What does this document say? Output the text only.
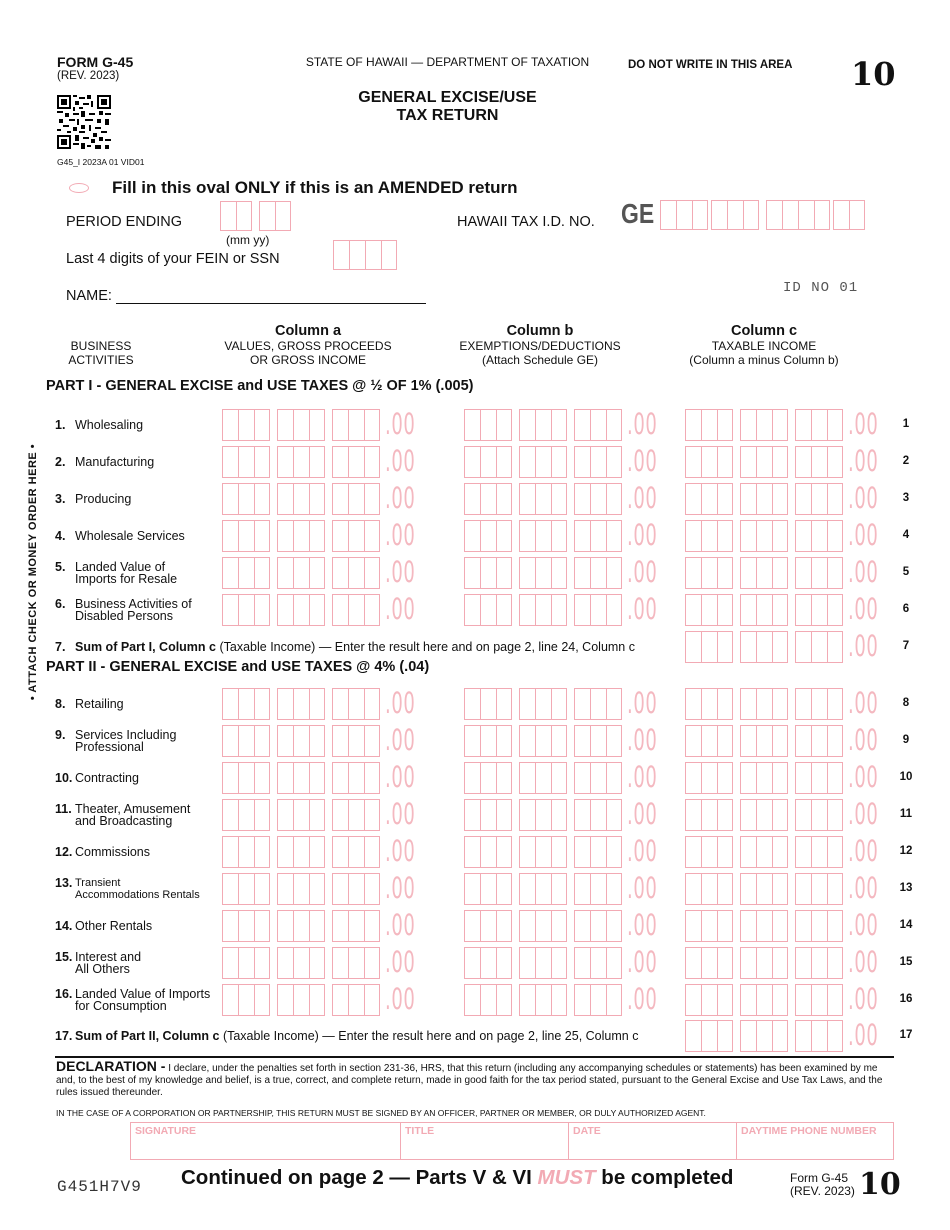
FORM G-45
(REV. 2023)
G45_I 2023A 01 VID01
STATE OF HAWAII — DEPARTMENT OF TAXATION
GENERAL EXCISE/USE
TAX RETURN
DO NOT WRITE IN THIS AREA 10
Fill in this oval ONLY if this is an AMENDED return
PERIOD ENDING
(mm yy)
Last 4 digits of your FEIN or SSN
HAWAII TAX I.D. NO. GE
NAME:	ID NO 01
BUSINESS
ACTIVITIES
Column a
VALUES, GROSS PROCEEDS
OR GROSS INCOME
Column b
EXEMPTIONS/DEDUCTIONS
(Attach Schedule GE)
Column c
TAXABLE INCOME
(Column a minus Column b)
• ATTACH CHECK OR MONEY ORDER HERE •
PART I - GENERAL EXCISE and USE TAXES @ ½ OF 1% (.005)
1. Wholesaling	.00	.00	.00	1
2. Manufacturing	.00	.00	.00	2
3. Producing	.00	.00	.00	3
4. Wholesale Services	.00	.00	.00	4
5. Landed Value of
Imports for Resale	.00	.00	.00	5
6. Business Activities of
Disabled Persons	.00	.00	.00	6
7. Sum of Part I, Column c (Taxable Income) — Enter the result here and on page 2, line 24, Column c	.00	7
PART II - GENERAL EXCISE and USE TAXES @ 4% (.04)
8. Retailing	.00	.00	.00	8
9. Services Including
Professional	.00	.00	.00	9
10. Contracting	.00	.00	.00	10
11. Theater, Amusement
and Broadcasting	.00	.00	.00	11
12. Commissions	.00	.00	.00	12
13. Transient
Accommodations Rentals	.00	.00	.00	13
14. Other Rentals	.00	.00	.00	14
15. Interest and
All Others	.00	.00	.00	15
16. Landed Value of Imports
for Consumption	.00	.00	.00	16
17. Sum of Part II, Column c (Taxable Income) — Enter the result here and on page 2, line 25, Column c	.00	17
DECLARATION - I declare, under the penalties set forth in section 231-36, HRS, that this return (including any accompanying schedules or statements) has been examined by me and, to the best of my knowledge and belief, is a true, correct, and complete return, made in good faith for the tax period stated, pursuant to the General Excise and Use Tax Laws, and the rules issued thereunder.
IN THE CASE OF A CORPORATION OR PARTNERSHIP, THIS RETURN MUST BE SIGNED BY AN OFFICER, PARTNER OR MEMBER, OR DULY AUTHORIZED AGENT.
SIGNATURE	TITLE	DATE	DAYTIME PHONE NUMBER
G451H7V9 Continued on page 2 — Parts V & VI MUST be completed	Form G-45
(REV. 2023) 10
